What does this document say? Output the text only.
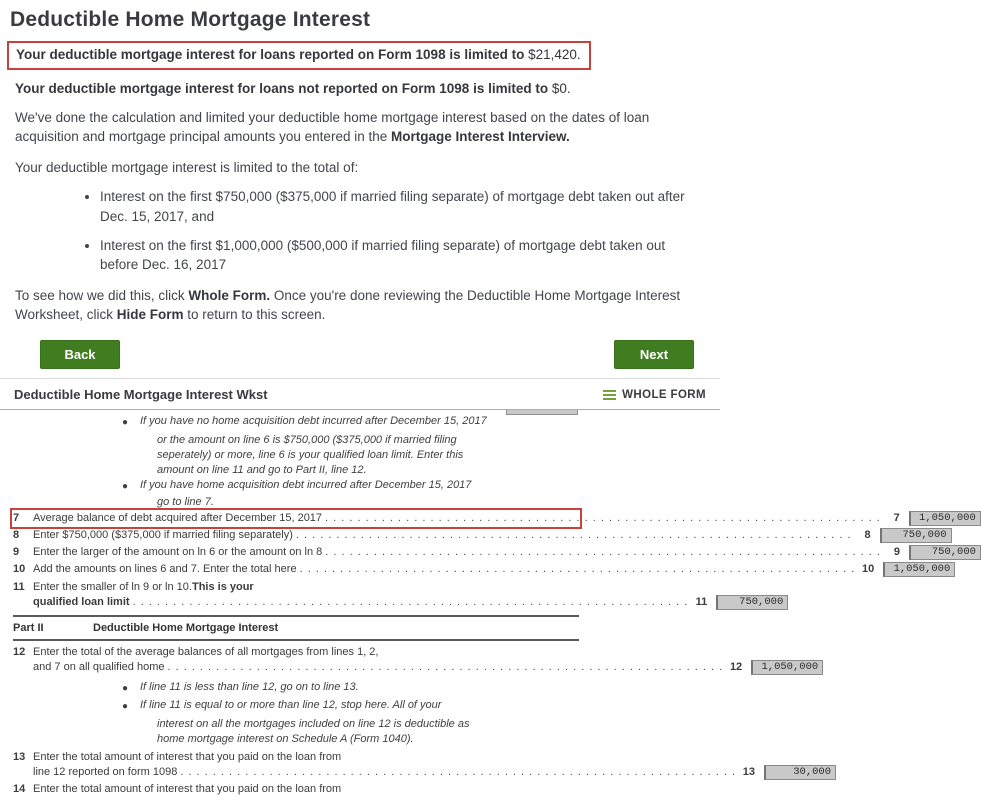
Deductible Home Mortgage Interest
Your deductible mortgage interest for loans reported on Form 1098 is limited to $21,420.
Your deductible mortgage interest for loans not reported on Form 1098 is limited to $0.

We've done the calculation and limited your deductible home mortgage interest based on the dates of loan acquisition and mortgage principal amounts you entered in the Mortgage Interest Interview.

Your deductible mortgage interest is limited to the total of:

• Interest on the first $750,000 ($375,000 if married filing separate) of mortgage debt taken out after Dec. 15, 2017, and
• Interest on the first $1,000,000 ($500,000 if married filing separate) of mortgage debt taken out before Dec. 16, 2017

To see how we did this, click Whole Form. Once you're done reviewing the Deductible Home Mortgage Interest Worksheet, click Hide Form to return to this screen.

Back	Next
Deductible Home Mortgage Interest Wkst	WHOLE FORM
●	If you have no home acquisition debt incurred after December 15, 2017
or the amount on line 6 is $750,000 ($375,000 if married filing
seperately) or more, line 6 is your qualified loan limit. Enter this
amount on line 11 and go to Part II, line 12.
●	If you have home acquisition debt incurred after December 15, 2017
go to line 7.
7	Average balance of debt acquired after December 15, 2017 . . .	7	1,050,000
8	Enter $750,000 ($375,000 if married filing separately) . . .	8	750,000
9	Enter the larger of the amount on ln 6 or the amount on ln 8 . . .	9	750,000
10 Add the amounts on lines 6 and 7. Enter the total here . . .	10	1,050,000
11 Enter the smaller of ln 9 or ln 10. This is your
qualified loan limit . . .	11	750,000
Part II	Deductible Home Mortgage Interest
12 Enter the total of the average balances of all mortgages from lines 1, 2,
and 7 on all qualified home . . .	12	1,050,000
●	If line 11 is less than line 12, go on to line 13.
●	If line 11 is equal to or more than line 12, stop here. All of your
interest on all the mortgages included on line 12 is deductible as
home mortgage interest on Schedule A (Form 1040).
13 Enter the total amount of interest that you paid on the loan from
line 12 reported on form 1098 . . .	13	30,000
14 Enter the total amount of interest that you paid on the loan from
